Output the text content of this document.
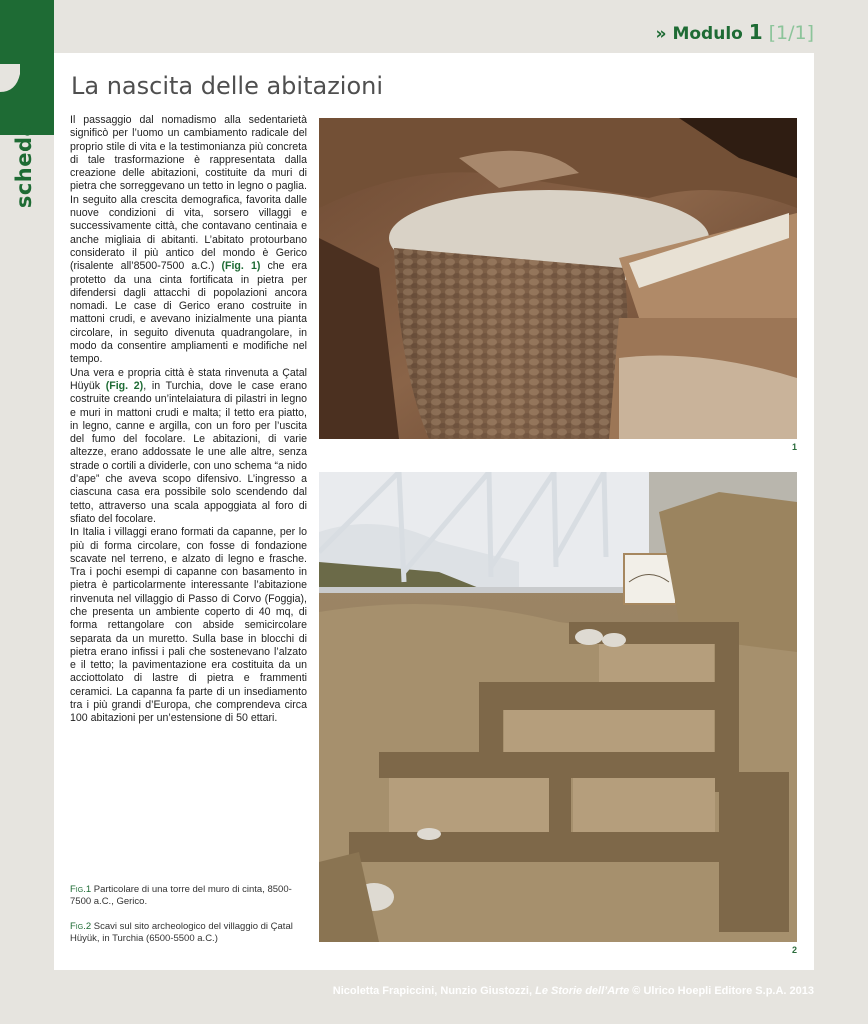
scheda
» Modulo 1 [1/1]
La nascita delle abitazioni

Il passaggio dal nomadismo alla sedentarietà significò per l’uomo un cambiamento radicale del proprio stile di vita e la testimonianza più concreta di tale trasformazione è rappresentata dalla creazione delle abitazioni, costituite da muri di pietra che sorreggevano un tetto in legno o paglia. In seguito alla crescita demografica, favorita dalle nuove condizioni di vita, sorsero villaggi e successivamente città, che contavano centinaia e anche migliaia di abitanti. L’abitato protourbano considerato il più antico del mondo è Gerico (risalente all’8500-7500 a.C.) (Fig. 1) che era protetto da una cinta fortificata in pietra per difendersi dagli attacchi di popolazioni ancora nomadi. Le case di Gerico erano costruite in mattoni crudi, e avevano inizialmente una pianta circolare, in seguito divenuta quadrangolare, in modo da consentire ampliamenti e modifiche nel tempo.

Una vera e propria città è stata rinvenuta a Çatal Hüyük (Fig. 2), in Turchia, dove le case erano costruite creando un’intelaiatura di pilastri in legno e muri in mattoni crudi e malta; il tetto era piatto, in legno, canne e argilla, con un foro per l’uscita del fumo del focolare. Le abitazioni, di varie altezze, erano addossate le une alle altre, senza strade o cortili a dividerle, con uno schema “a nido d’ape” che aveva scopo difensivo. L’ingresso a ciascuna casa era possibile solo scendendo dal tetto, attraverso una scala appoggiata al foro di sfiato del focolare.

In Italia i villaggi erano formati da capanne, per lo più di forma circolare, con fosse di fondazione scavate nel terreno, e alzato di legno e frasche. Tra i pochi esempi di capanne con basamento in pietra è particolarmente interessante l’abitazione rinvenuta nel villaggio di Passo di Corvo (Foggia), che presenta un ambiente coperto di 40 mq, di forma rettangolare con abside semicircolare separata da un muretto. Sulla base in blocchi di pietra erano infissi i pali che sostenevano l’alzato e il tetto; la pavimentazione era costituita da un acciottolato di lastre di pietra e frammenti ceramici. La capanna fa parte di un insediamento tra i più grandi d’Europa, che comprendeva circa 100 abitazioni per un’estensione di 50 ettari.

Fig.1 Particolare di una torre del muro di cinta, 8500-7500 a.C., Gerico.
Fig.2 Scavi sul sito archeologico del villaggio di Çatal Hüyük, in Turchia (6500-5500 a.C.)
1
2
Nicoletta Frapiccini, Nunzio Giustozzi, Le Storie dell’Arte © Ulrico Hoepli Editore S.p.A. 2013
